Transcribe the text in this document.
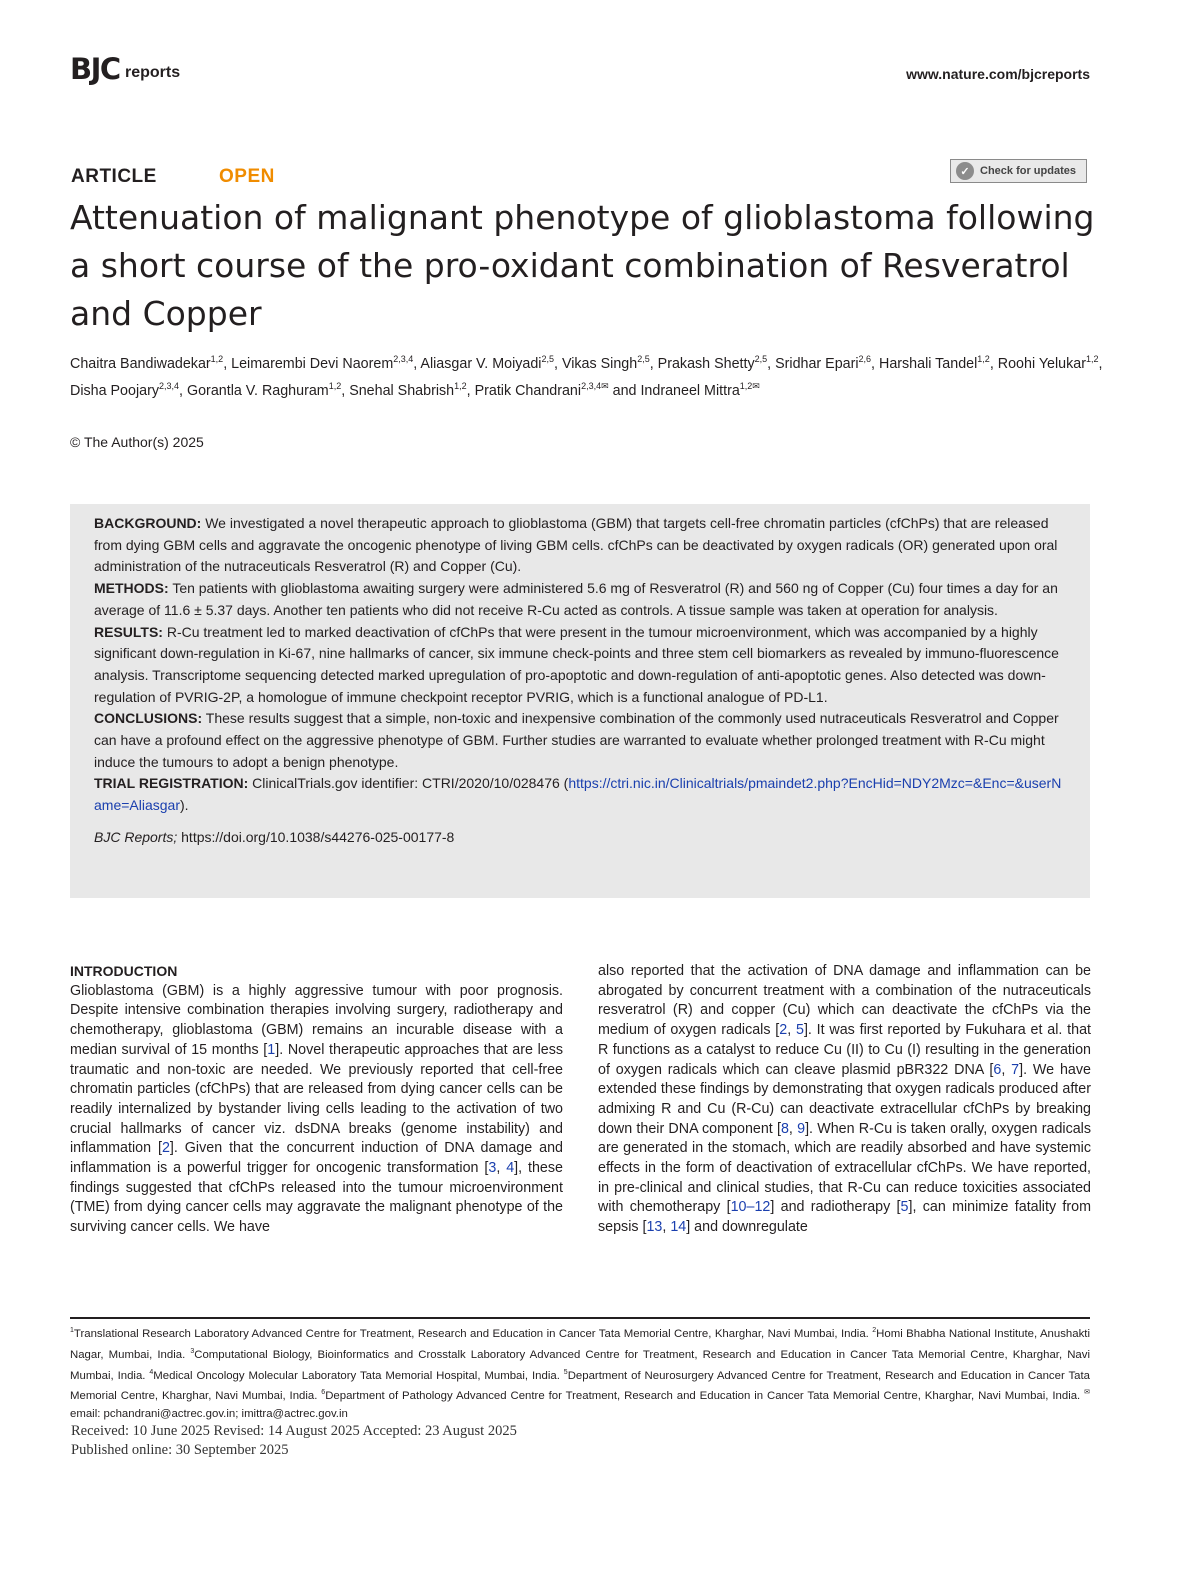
BJC reports	www.nature.com/bjcreports
ARTICLE	OPEN	✓ Check for updates
Attenuation of malignant phenotype of glioblastoma following a short course of the pro-oxidant combination of Resveratrol and Copper
Chaitra Bandiwadekar$^{1,2}$, Leimarembi Devi Naorem$^{2,3,4}$, Aliasgar V. Moiyadi$^{2,5}$, Vikas Singh$^{2,5}$, Prakash Shetty$^{2,5}$, Sridhar Epari$^{2,6}$, Harshali Tandel$^{1,2}$, Roohi Yelukar$^{1,2}$, Disha Poojary$^{2,3,4}$, Gorantla V. Raghuram$^{1,2}$, Snehal Shabrish$^{1,2}$, Pratik Chandrani$^{2,3,4✉}$ and Indraneel Mittra$^{1,2✉}$
© The Author(s) 2025

BACKGROUND: We investigated a novel therapeutic approach to glioblastoma (GBM) that targets cell-free chromatin particles (cfChPs) that are released from dying GBM cells and aggravate the oncogenic phenotype of living GBM cells. cfChPs can be deactivated by oxygen radicals (OR) generated upon oral administration of the nutraceuticals Resveratrol (R) and Copper (Cu).

METHODS: Ten patients with glioblastoma awaiting surgery were administered 5.6 mg of Resveratrol (R) and 560 ng of Copper (Cu) four times a day for an average of 11.6 ± 5.37 days. Another ten patients who did not receive R-Cu acted as controls. A tissue sample was taken at operation for analysis.

RESULTS: R-Cu treatment led to marked deactivation of cfChPs that were present in the tumour microenvironment, which was accompanied by a highly significant down-regulation in Ki-67, nine hallmarks of cancer, six immune check-points and three stem cell biomarkers as revealed by immuno-fluorescence analysis. Transcriptome sequencing detected marked upregulation of pro-apoptotic and down-regulation of anti-apoptotic genes. Also detected was down-regulation of PVRIG-2P, a homologue of immune checkpoint receptor PVRIG, which is a functional analogue of PD-L1.

CONCLUSIONS: These results suggest that a simple, non-toxic and inexpensive combination of the commonly used nutraceuticals Resveratrol and Copper can have a profound effect on the aggressive phenotype of GBM. Further studies are warranted to evaluate whether prolonged treatment with R-Cu might induce the tumours to adopt a benign phenotype.

TRIAL REGISTRATION: ClinicalTrials.gov identifier: CTRI/2020/10/028476 (https://ctri.nic.in/Clinicaltrials/pmaindet2.php?EncHid=NDY2Mzc=&Enc=&userName=Aliasgar).

BJC Reports; https://doi.org/10.1038/s44276-025-00177-8

INTRODUCTION

Glioblastoma (GBM) is a highly aggressive tumour with poor prognosis. Despite intensive combination therapies involving surgery, radiotherapy and chemotherapy, glioblastoma (GBM) remains an incurable disease with a median survival of 15 months [1]. Novel therapeutic approaches that are less traumatic and non-toxic are needed. We previously reported that cell-free chromatin particles (cfChPs) that are released from dying cancer cells can be readily internalized by bystander living cells leading to the activation of two crucial hallmarks of cancer viz. dsDNA breaks (genome instability) and inflammation [2]. Given that the concurrent induction of DNA damage and inflammation is a powerful trigger for oncogenic transformation [3, 4], these findings suggested that cfChPs released into the tumour microenvironment (TME) from dying cancer cells may aggravate the malignant phenotype of the surviving cancer cells. We have

also reported that the activation of DNA damage and inflammation can be abrogated by concurrent treatment with a combination of the nutraceuticals resveratrol (R) and copper (Cu) which can deactivate the cfChPs via the medium of oxygen radicals [2, 5]. It was first reported by Fukuhara et al. that R functions as a catalyst to reduce Cu (II) to Cu (I) resulting in the generation of oxygen radicals which can cleave plasmid pBR322 DNA [6, 7]. We have extended these findings by demonstrating that oxygen radicals produced after admixing R and Cu (R-Cu) can deactivate extracellular cfChPs by breaking down their DNA component [8, 9]. When R-Cu is taken orally, oxygen radicals are generated in the stomach, which are readily absorbed and have systemic effects in the form of deactivation of extracellular cfChPs. We have reported, in pre-clinical and clinical studies, that R-Cu can reduce toxicities associated with chemotherapy [10–12] and radiotherapy [5], can minimize fatality from sepsis [13, 14] and downregulate

$^1$Translational Research Laboratory Advanced Centre for Treatment, Research and Education in Cancer Tata Memorial Centre, Kharghar, Navi Mumbai, India. $^2$Homi Bhabha National Institute, Anushakti Nagar, Mumbai, India. $^3$Computational Biology, Bioinformatics and Crosstalk Laboratory Advanced Centre for Treatment, Research and Education in Cancer Tata Memorial Centre, Kharghar, Navi Mumbai, India. $^4$Medical Oncology Molecular Laboratory Tata Memorial Hospital, Mumbai, India. $^5$Department of Neurosurgery Advanced Centre for Treatment, Research and Education in Cancer Tata Memorial Centre, Kharghar, Navi Mumbai, India. $^6$Department of Pathology Advanced Centre for Treatment, Research and Education in Cancer Tata Memorial Centre, Kharghar, Navi Mumbai, India. ✉email: pchandrani@actrec.gov.in; imittra@actrec.gov.in
Received: 10 June 2025 Revised: 14 August 2025 Accepted: 23 August 2025
Published online: 30 September 2025
